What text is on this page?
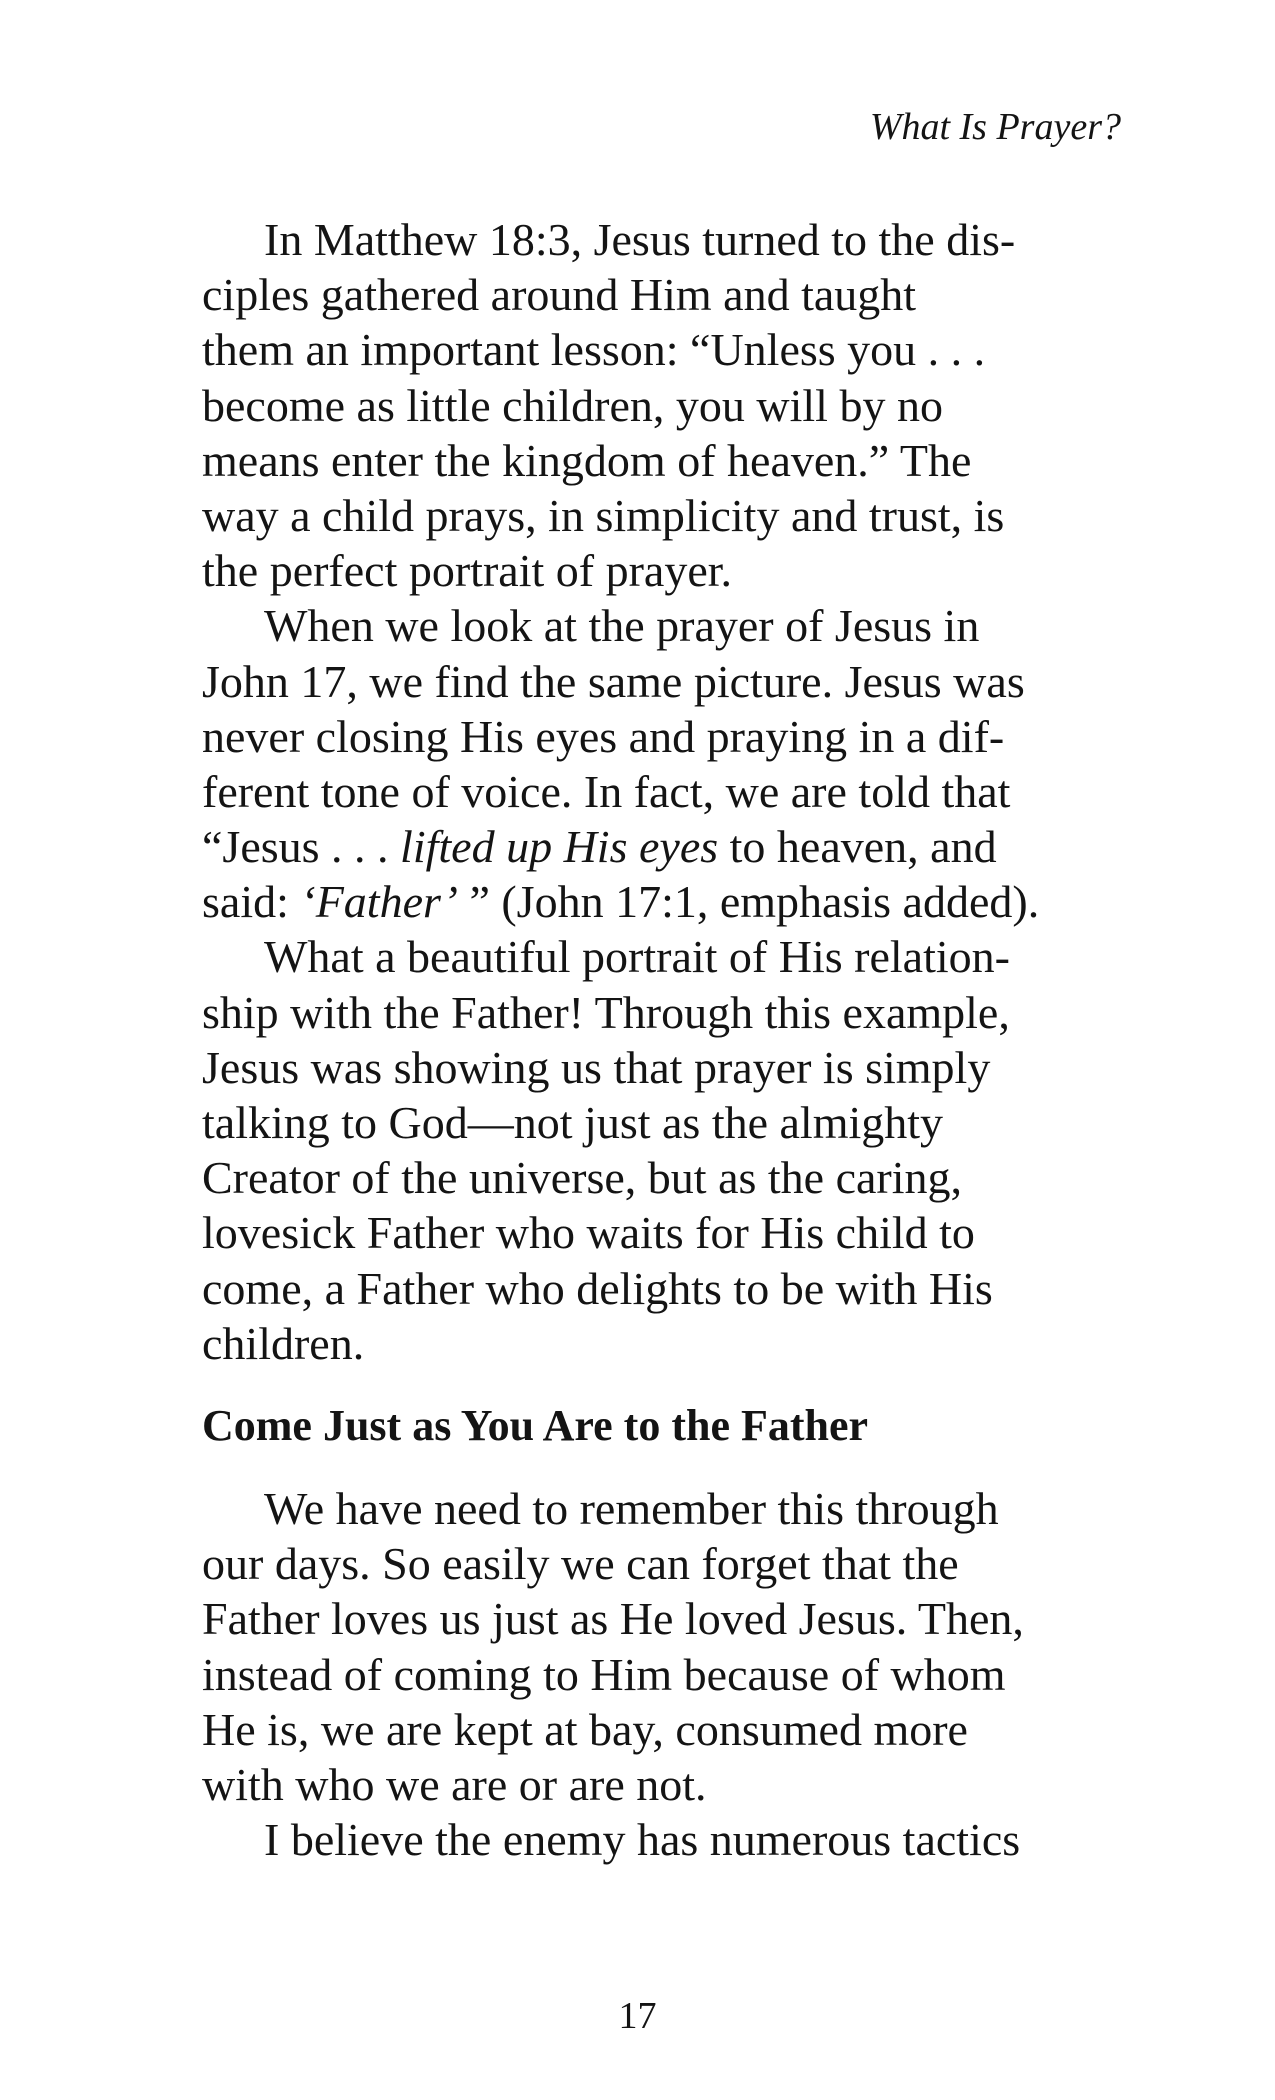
What Is Prayer?
In Matthew 18:3, Jesus turned to the dis-
ciples gathered around Him and taught
them an important lesson: “Unless you . . .
become as little children, you will by no
means enter the kingdom of heaven.” The
way a child prays, in simplicity and trust, is
the perfect portrait of prayer.
When we look at the prayer of Jesus in
John 17, we find the same picture. Jesus was
never closing His eyes and praying in a dif-
ferent tone of voice. In fact, we are told that
“Jesus . . . lifted up His eyes to heaven, and
said: ‘Father’ ” (John 17:1, emphasis added).
What a beautiful portrait of His relation-
ship with the Father! Through this example,
Jesus was showing us that prayer is simply
talking to God—not just as the almighty
Creator of the universe, but as the caring,
lovesick Father who waits for His child to
come, a Father who delights to be with His
children.
Come Just as You Are to the Father
We have need to remember this through
our days. So easily we can forget that the
Father loves us just as He loved Jesus. Then,
instead of coming to Him because of whom
He is, we are kept at bay, consumed more
with who we are or are not.
I believe the enemy has numerous tactics
17
